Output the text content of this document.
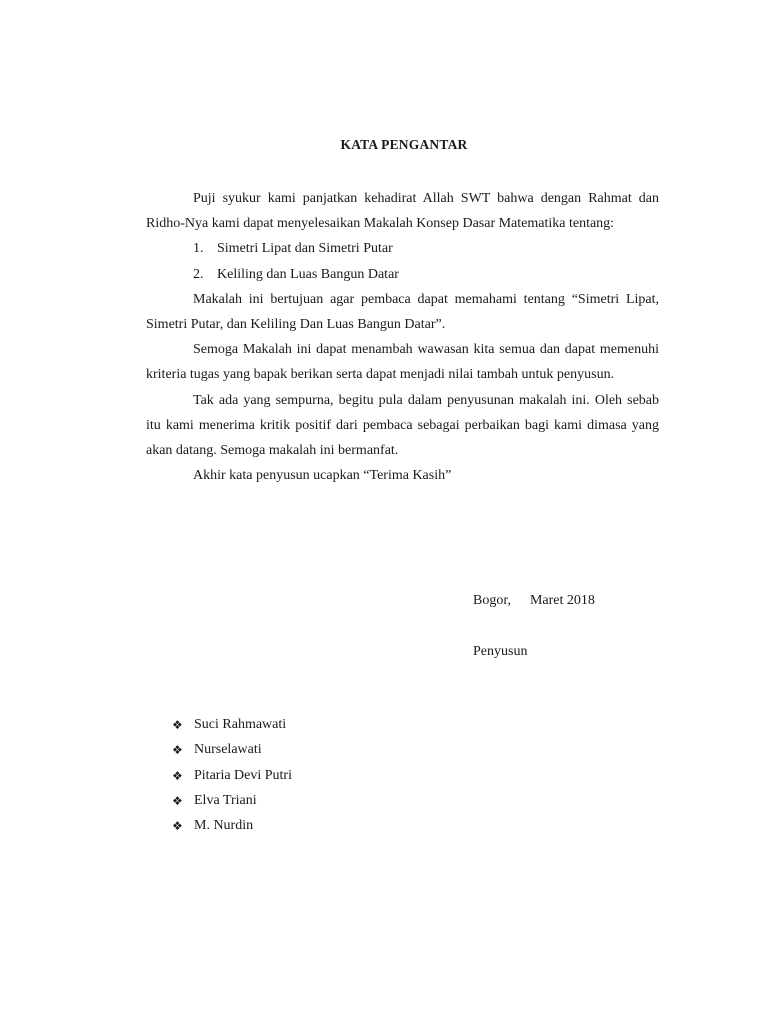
KATA PENGANTAR

Puji syukur kami panjatkan kehadirat Allah SWT bahwa dengan Rahmat dan Ridho-Nya kami dapat menyelesaikan Makalah Konsep Dasar Matematika tentang:

1. Simetri Lipat dan Simetri Putar
2. Keliling dan Luas Bangun Datar

Makalah ini bertujuan agar pembaca dapat memahami tentang “Simetri Lipat, Simetri Putar, dan Keliling Dan Luas Bangun Datar”.

Semoga Makalah ini dapat menambah wawasan kita semua dan dapat memenuhi kriteria tugas yang bapak berikan serta dapat menjadi nilai tambah untuk penyusun.

Tak ada yang sempurna, begitu pula dalam penyusunan makalah ini. Oleh sebab itu kami menerima kritik positif dari pembaca sebagai perbaikan bagi kami dimasa yang akan datang. Semoga makalah ini bermanfat.

Akhir kata penyusun ucapkan “Terima Kasih”

Bogor, Maret 2018
Penyusun
❖ Suci Rahmawati
❖ Nurselawati
❖ Pitaria Devi Putri
❖ Elva Triani
❖ M. Nurdin
